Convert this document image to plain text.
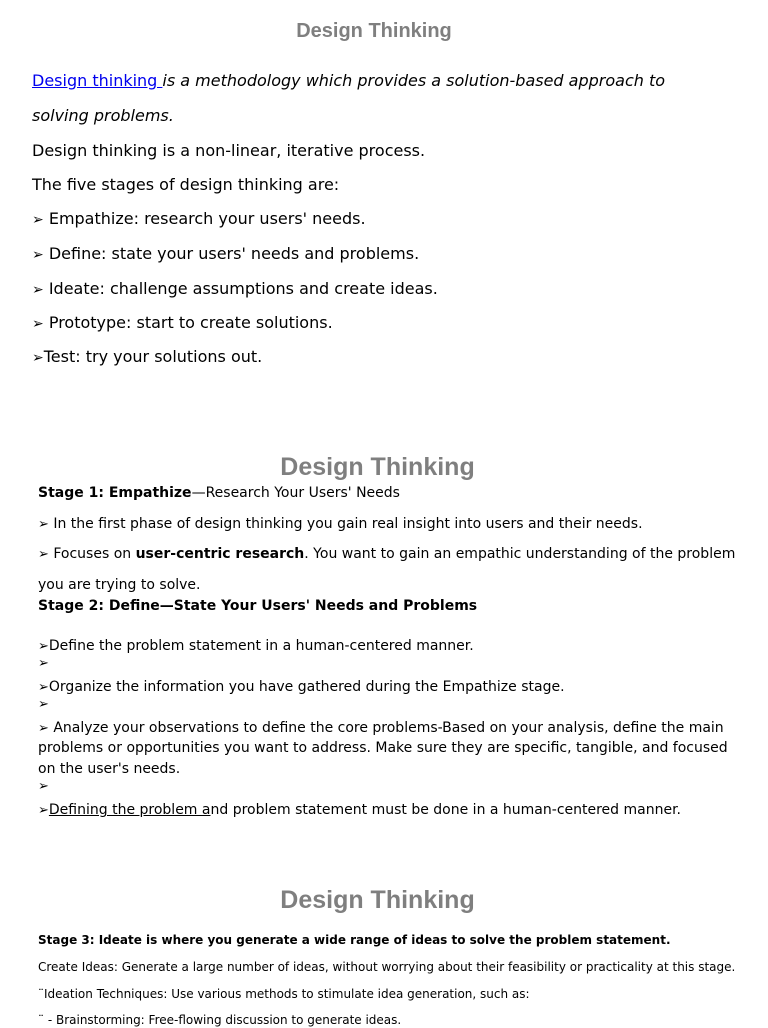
Design Thinking
Design thinking is a methodology which provides a solution-based approach to
solving problems.
Design thinking is a non-linear, iterative process.
The five stages of design thinking are:
➢ Empathize: research your users' needs.
➢ Define: state your users' needs and problems.
➢ Ideate: challenge assumptions and create ideas.
➢ Prototype: start to create solutions.
➢Test: try your solutions out.
Design Thinking
Stage 1: Empathize—Research Your Users' Needs
➢ In the first phase of design thinking you gain real insight into users and their needs.
➢ Focuses on user-centric research. You want to gain an empathic understanding of the problem
you are trying to solve.
Stage 2: Define—State Your Users' Needs and Problems
➢Define the problem statement in a human-centered manner.
➢
➢Organize the information you have gathered during the Empathize stage.
➢
➢ Analyze your observations to define the core problems-Based on your analysis, define the main
problems or opportunities you want to address. Make sure they are specific, tangible, and focused
on the user's needs.
➢
➢Defining the problem and problem statement must be done in a human-centered manner.
Design Thinking
Stage 3: Ideate is where you generate a wide range of ideas to solve the problem statement.
Create Ideas: Generate a large number of ideas, without worrying about their feasibility or practicality at this stage.
¨Ideation Techniques: Use various methods to stimulate idea generation, such as:
¨ - Brainstorming: Free-flowing discussion to generate ideas.
